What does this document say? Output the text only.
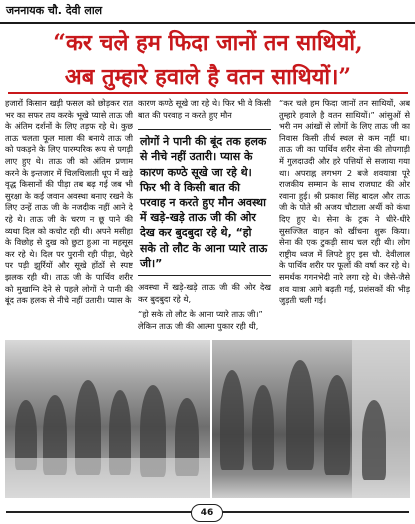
जननायक चौ. देवी लाल
“कर चले हम फिदा जानों तन साथियों,
अब तुम्हारे हवाले है वतन साथियों।”
हजारों किसान खड़ी फसल को छोड़कर रात भर का सफर तय करके भूखे प्यासे ताऊ जी के अंतिम दर्शनों के लिए तड़फ रहे थे। कुछ ताऊ चलता फूल माला की बनाये ताऊ जी को पकड़ने के लिए पारम्परिक रूप से पगड़ी लाए हुए थे। ताऊ जी को अंतिम प्रणाम करने के इन्तजार में चिलचिलाती धूप में खड़े वृद्ध किसानों की पीड़ा तब बढ़ गई जब भी सुरक्षा के कई जवान अवस्था बनाए रखने के लिए उन्हें ताऊ जी के नजदीक नहीं आने दे रहे थे। ताऊ जी के चरण न छू पाने की व्यथा दिल को कचोट रही थी। अपने मसीहा के विछोह से दुख को छुटा हुआ ना महसूस कर रहे थे। दिल पर पुरानी रही पीड़ा, चेहरे पर पड़ी झुर्रियों और सूखे होंठों से स्पष्ट झलक रही थी। ताऊ जी के पार्थिव शरीर को मुखाग्नि देने से पहले लोगों ने पानी की बूंद तक हलक से नीचे नहीं उतारी। प्यास के
कारण कण्ठे सूखे जा रहे थे। फिर भी वे किसी बात की परवाह न करते हुए मौन
लोगों ने पानी की बूंद तक हलक से नीचे नहीं उतारी। प्यास के कारण कण्ठे सूखे जा रहे थे। फिर भी वे किसी बात की परवाह न करते हुए मौन अवस्था में खड़े-खड़े ताऊ जी की ओर देख कर बुदबुदा रहे थे, “हो सके तो लौट के आना प्यारे ताऊ जी।”
अवस्था में खड़े-खड़े ताऊ जी की ओर देख कर बुदबुदा रहे थे,
“हो सके तो लौट के आना प्यारे ताऊ जी।”
लेकिन ताऊ जी की आत्मा पुकार रही थी,
“कर चले हम फिदा जानों तन साथियों, अब तुम्हारे हवाले है वतन साथियों।” आंसुओं से भरी नम आंखों से लोगों के लिए ताऊ जी का निवास किसी तीर्थ स्थल से कम नहीं था। ताऊ जी का पार्थिव शरीर सेना की तोपगाड़ी में गुलदाउदी और हरे पत्तियों से सजाया गया था। अपराह्न लगभग 2 बजे शवयात्रा पूरे राजकीय सम्मान के साथ राजघाट की ओर रवाना हुई। श्री प्रकाश सिंह बादल और ताऊ जी के पोते श्री अजय चौटाला अर्थी को कंधा दिए हुए थे। सेना के ट्रक ने धीरे-धीरे सुसज्जित वाहन को खींचना शुरू किया। सेना की एक टुकड़ी साथ चल रही थी। लोग राष्ट्रीय ध्वज में लिपटे हुए इस चौ. देवीलाल के पार्थिव शरीर पर फूलों की वर्षा कर रहे थे। समर्थक गगनभेदी नारे लगा रहे थे। जैसे-जैसे शव यात्रा आगे बढ़ती गई, प्रशंसकों की भीड़ जुड़ती चली गई।
46
